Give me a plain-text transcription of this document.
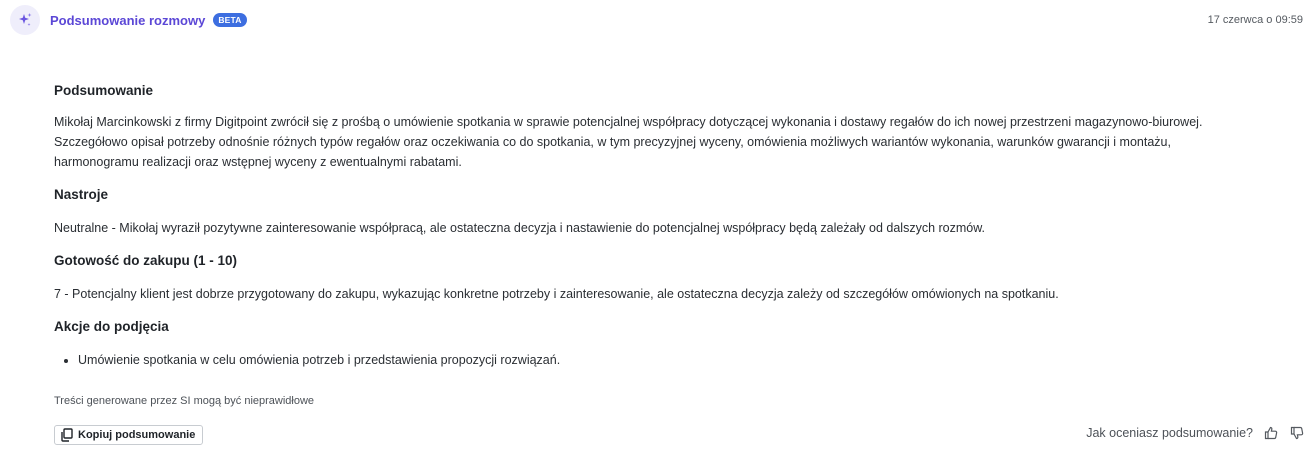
Podsumowanie rozmowy	BETA	17 czerwca o 09:59

Podsumowanie

Mikołaj Marcinkowski z firmy Digitpoint zwrócił się z prośbą o umówienie spotkania w sprawie potencjalnej współpracy dotyczącej wykonania i dostawy regałów do ich nowej przestrzeni magazynowo-biurowej.

Szczegółowo opisał potrzeby odnośnie różnych typów regałów oraz oczekiwania co do spotkania, w tym precyzyjnej wyceny, omówienia możliwych wariantów wykonania, warunków gwarancji i montażu,

harmonogramu realizacji oraz wstępnej wyceny z ewentualnymi rabatami.

Nastroje

Neutralne - Mikołaj wyraził pozytywne zainteresowanie współpracą, ale ostateczna decyzja i nastawienie do potencjalnej współpracy będą zależały od dalszych rozmów.

Gotowość do zakupu (1 - 10)

7 - Potencjalny klient jest dobrze przygotowany do zakupu, wykazując konkretne potrzeby i zainteresowanie, ale ostateczna decyzja zależy od szczegółów omówionych na spotkaniu.

Akcje do podjęcia

• Umówienie spotkania w celu omówienia potrzeb i przedstawienia propozycji rozwiązań.
Treści generowane przez SI mogą być nieprawidłowe
Kopiuj podsumowanie	Jak oceniasz podsumowanie?
